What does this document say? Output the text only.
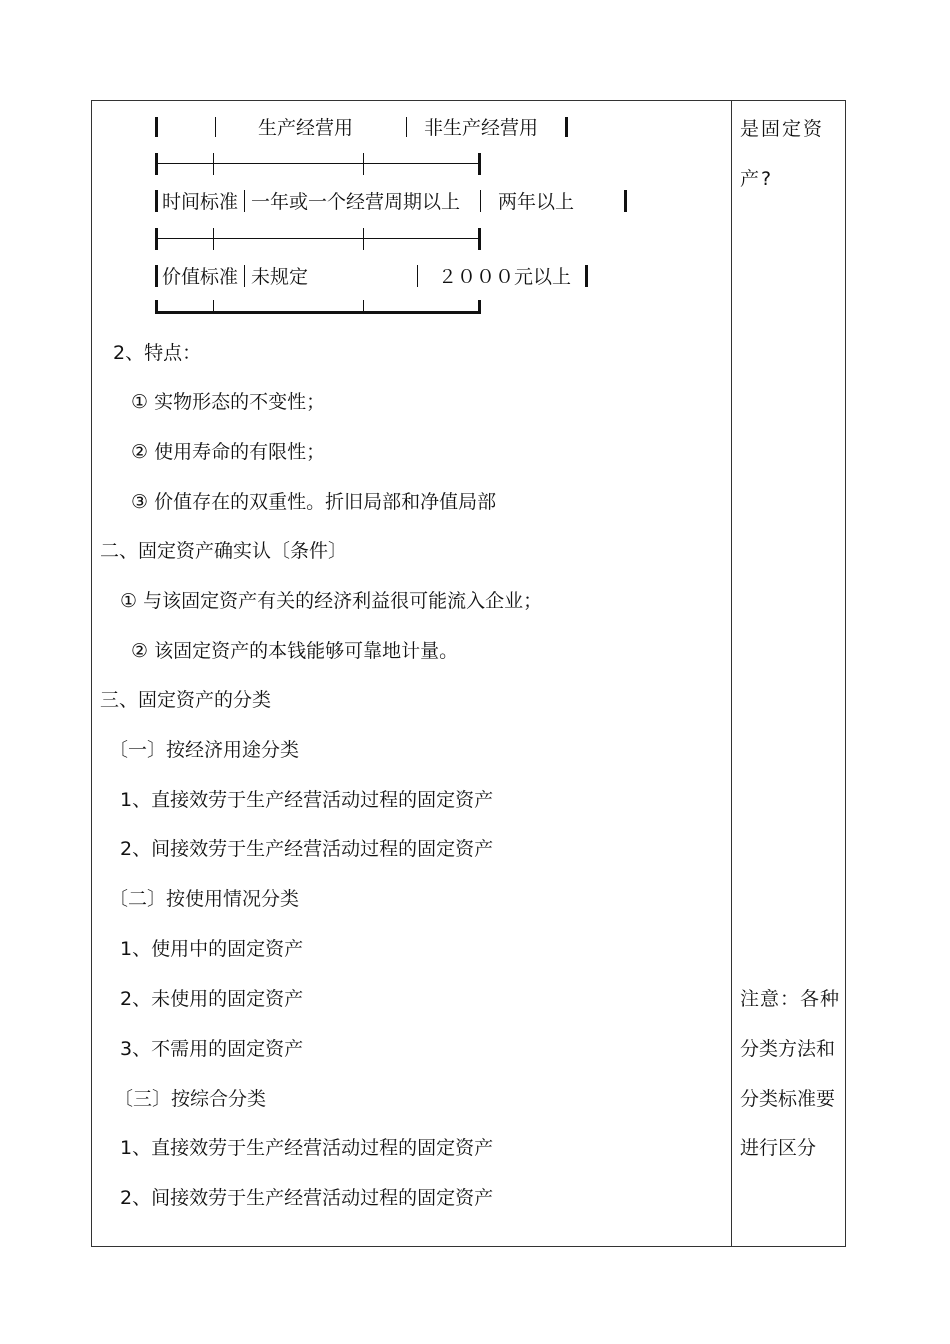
生产经营用	非生产经营用
时间标准 一年或一个经营周期以上 两年以上
价值标准 未规定	２０００元以上
2、特点：
① 实物形态的不变性；
② 使用寿命的有限性；
③ 价值存在的双重性。折旧局部和净值局部
二、固定资产确实认〔条件〕
① 与该固定资产有关的经济利益很可能流入企业；
② 该固定资产的本钱能够可靠地计量。
三、固定资产的分类
〔一〕按经济用途分类
1、直接效劳于生产经营活动过程的固定资产
2、间接效劳于生产经营活动过程的固定资产
〔二〕按使用情况分类
1、使用中的固定资产
2、未使用的固定资产
3、不需用的固定资产
〔三〕按综合分类
1、直接效劳于生产经营活动过程的固定资产
2、间接效劳于生产经营活动过程的固定资产
是固定资
产?
注意：各种
分类方法和
分类标准要
进行区分
